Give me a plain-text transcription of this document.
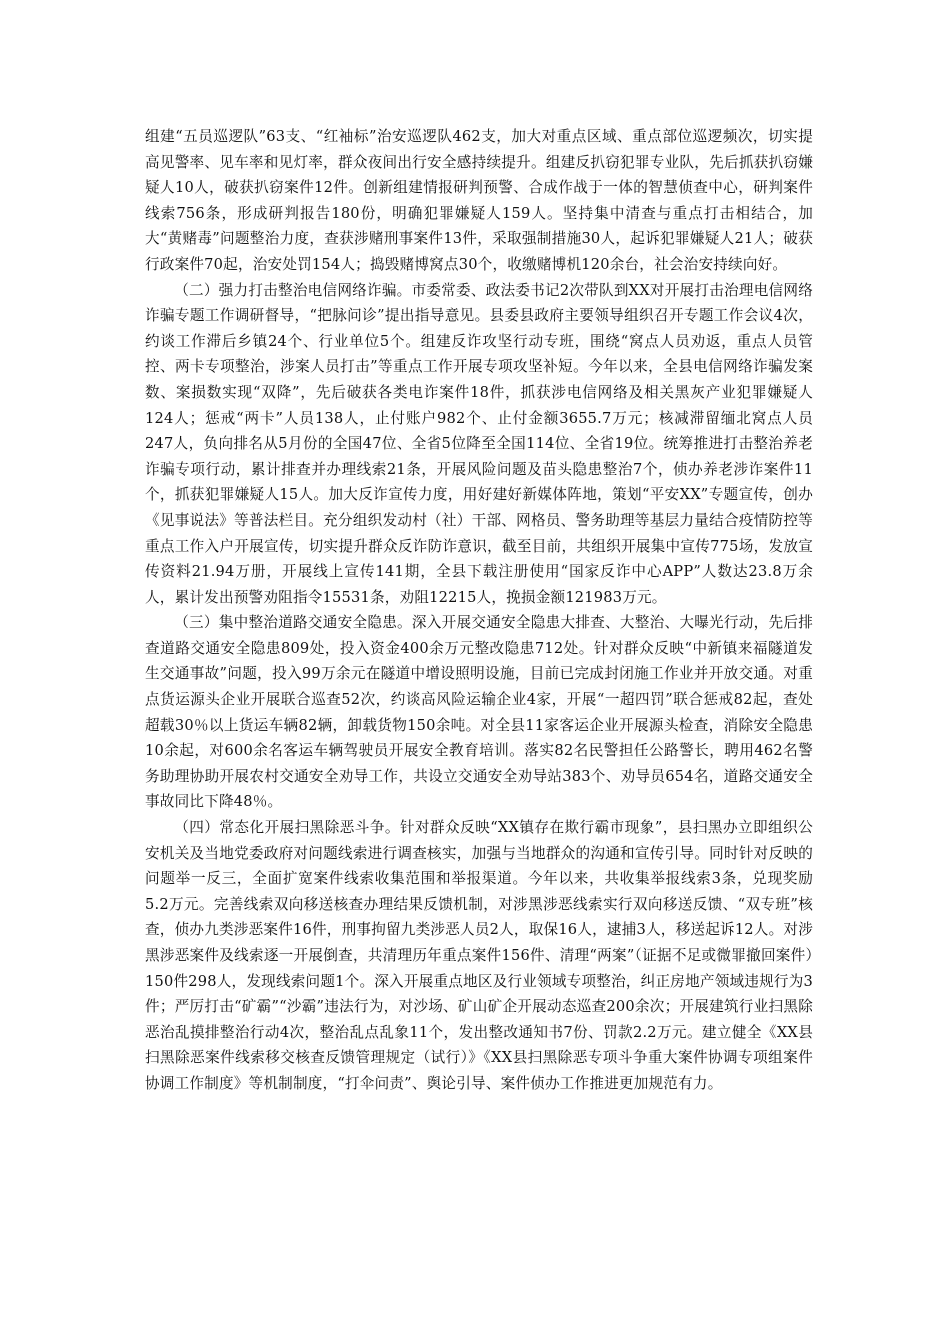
组建“五员巡逻队”63支、“红袖标”治安巡逻队462支，加大对重点区域、重点部位巡逻频次，切实提高见警率、见车率和见灯率，群众夜间出行安全感持续提升。组建反扒窃犯罪专业队，先后抓获扒窃嫌疑人10人，破获扒窃案件12件。创新组建情报研判预警、合成作战于一体的智慧侦查中心，研判案件线索756条，形成研判报告180份，明确犯罪嫌疑人159人。坚持集中清查与重点打击相结合，加大“黄赌毒”问题整治力度，查获涉赌刑事案件13件，采取强制措施30人，起诉犯罪嫌疑人21人；破获行政案件70起，治安处罚154人；捣毁赌博窝点30个，收缴赌博机120余台，社会治安持续向好。

（二）强力打击整治电信网络诈骗。市委常委、政法委书记2次带队到XX对开展打击治理电信网络诈骗专题工作调研督导，“把脉问诊”提出指导意见。县委县政府主要领导组织召开专题工作会议4次，约谈工作滞后乡镇24个、行业单位5个。组建反诈攻坚行动专班，围绕“窝点人员劝返，重点人员管控、两卡专项整治，涉案人员打击”等重点工作开展专项攻坚补短。今年以来，全县电信网络诈骗发案数、案损数实现“双降”，先后破获各类电诈案件18件，抓获涉电信网络及相关黑灰产业犯罪嫌疑人124人；惩戒“两卡”人员138人，止付账户982个、止付金额3655.7万元；核减滞留缅北窝点人员247人，负向排名从5月份的全国47位、全省5位降至全国114位、全省19位。统筹推进打击整治养老诈骗专项行动，累计排查并办理线索21条，开展风险问题及苗头隐患整治7个，侦办养老涉诈案件11个，抓获犯罪嫌疑人15人。加大反诈宣传力度，用好建好新媒体阵地，策划“平安XX”专题宣传，创办《见事说法》等普法栏目。充分组织发动村（社）干部、网格员、警务助理等基层力量结合疫情防控等重点工作入户开展宣传，切实提升群众反诈防诈意识，截至目前，共组织开展集中宣传775场，发放宣传资料21.94万册，开展线上宣传141期，全县下载注册使用“国家反诈中心APP”人数达23.8万余人，累计发出预警劝阻指令15531条，劝阻12215人，挽损金额121983万元。

（三）集中整治道路交通安全隐患。深入开展交通安全隐患大排查、大整治、大曝光行动，先后排查道路交通安全隐患809处，投入资金400余万元整改隐患712处。针对群众反映“中新镇来福隧道发生交通事故”问题，投入99万余元在隧道中增设照明设施，目前已完成封闭施工作业并开放交通。对重点货运源头企业开展联合巡查52次，约谈高风险运输企业4家，开展“一超四罚”联合惩戒82起，查处超载30％以上货运车辆82辆，卸载货物150余吨。对全县11家客运企业开展源头检查，消除安全隐患10余起，对600余名客运车辆驾驶员开展安全教育培训。落实82名民警担任公路警长，聘用462名警务助理协助开展农村交通安全劝导工作，共设立交通安全劝导站383个、劝导员654名，道路交通安全事故同比下降48％。

（四）常态化开展扫黑除恶斗争。针对群众反映“XX镇存在欺行霸市现象”，县扫黑办立即组织公安机关及当地党委政府对问题线索进行调查核实，加强与当地群众的沟通和宣传引导。同时针对反映的问题举一反三，全面扩宽案件线索收集范围和举报渠道。今年以来，共收集举报线索3条，兑现奖励5.2万元。完善线索双向移送核查办理结果反馈机制，对涉黑涉恶线索实行双向移送反馈、“双专班”核查，侦办九类涉恶案件16件，刑事拘留九类涉恶人员2人，取保16人，逮捕3人，移送起诉12人。对涉黑涉恶案件及线索逐一开展倒查，共清理历年重点案件156件、清理“两案”（证据不足或微罪撤回案件）150件298人，发现线索问题1个。深入开展重点地区及行业领域专项整治，纠正房地产领域违规行为3件；严厉打击“矿霸”“沙霸”违法行为，对沙场、矿山矿企开展动态巡查200余次；开展建筑行业扫黑除恶治乱摸排整治行动4次，整治乱点乱象11个，发出整改通知书7份、罚款2.2万元。建立健全《XX县扫黑除恶案件线索移交核查反馈管理规定（试行）》《XX县扫黑除恶专项斗争重大案件协调专项组案件协调工作制度》等机制制度，“打伞问责”、舆论引导、案件侦办工作推进更加规范有力。
